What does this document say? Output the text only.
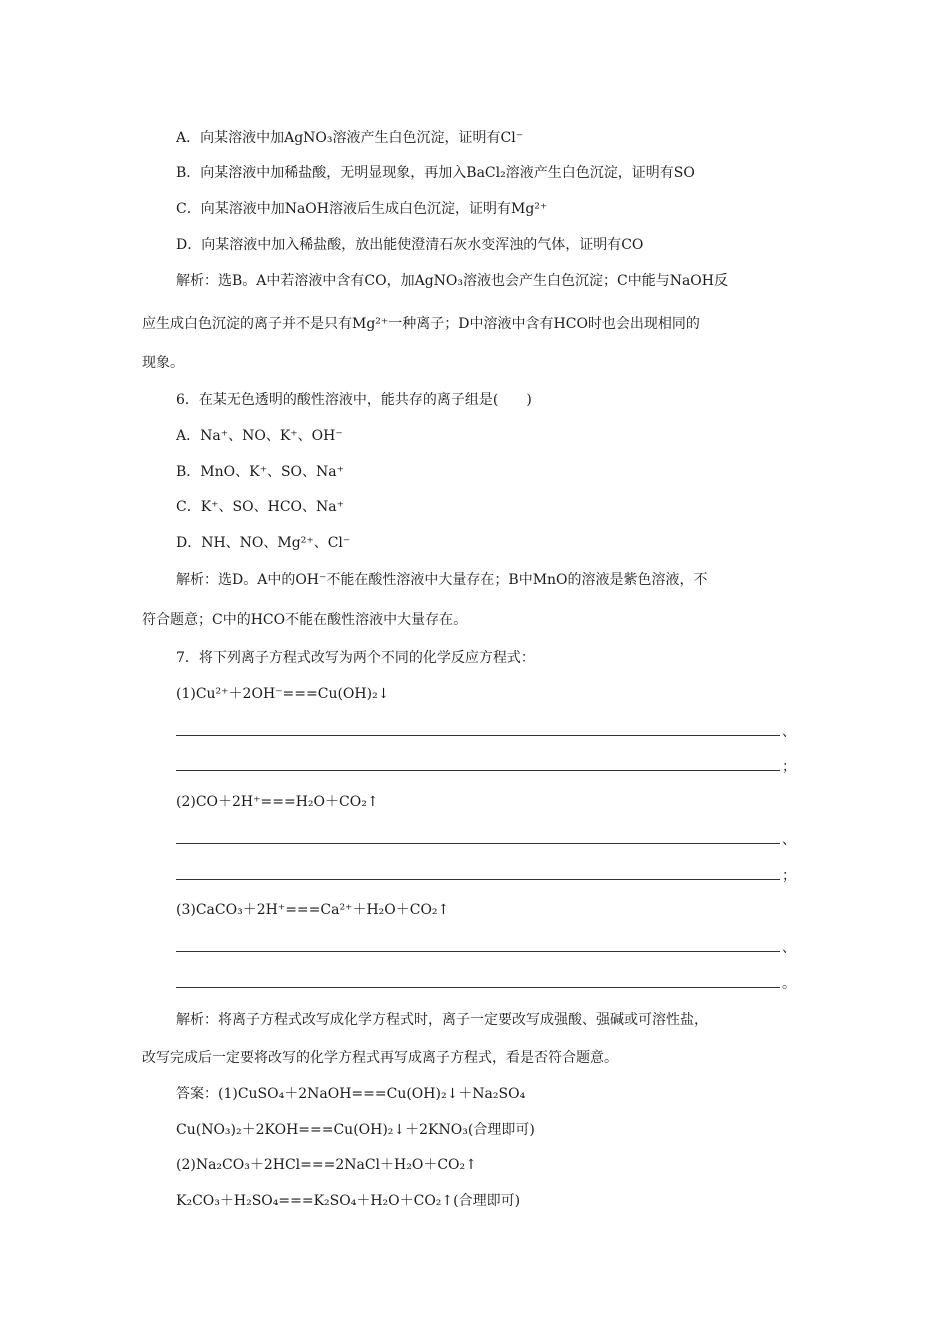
A．向某溶液中加AgNO₃溶液产生白色沉淀，证明有Cl⁻
B．向某溶液中加稀盐酸，无明显现象，再加入BaCl₂溶液产生白色沉淀，证明有SO
C．向某溶液中加NaOH溶液后生成白色沉淀，证明有Mg²⁺
D．向某溶液中加入稀盐酸，放出能使澄清石灰水变浑浊的气体，证明有CO
解析：选B。A中若溶液中含有CO，加AgNO₃溶液也会产生白色沉淀；C中能与NaOH反
应生成白色沉淀的离子并不是只有Mg²⁺一种离子；D中溶液中含有HCO时也会出现相同的
现象。
6．在某无色透明的酸性溶液中，能共存的离子组是(　　)
A．Na⁺、NO、K⁺、OH⁻
B．MnO、K⁺、SO、Na⁺
C．K⁺、SO、HCO、Na⁺
D．NH、NO、Mg²⁺、Cl⁻
解析：选D。A中的OH⁻不能在酸性溶液中大量存在；B中MnO的溶液是紫色溶液，不
符合题意；C中的HCO不能在酸性溶液中大量存在。
7．将下列离子方程式改写为两个不同的化学反应方程式：
(1)Cu²⁺＋2OH⁻===Cu(OH)₂↓
、
；
(2)CO＋2H⁺===H₂O＋CO₂↑
、
；
(3)CaCO₃＋2H⁺===Ca²⁺＋H₂O＋CO₂↑
、
。
解析：将离子方程式改写成化学方程式时，离子一定要改写成强酸、强碱或可溶性盐，
改写完成后一定要将改写的化学方程式再写成离子方程式，看是否符合题意。
答案：(1)CuSO₄＋2NaOH===Cu(OH)₂↓＋Na₂SO₄
Cu(NO₃)₂＋2KOH===Cu(OH)₂↓＋2KNO₃(合理即可)
(2)Na₂CO₃＋2HCl===2NaCl＋H₂O＋CO₂↑
K₂CO₃＋H₂SO₄===K₂SO₄＋H₂O＋CO₂↑(合理即可)
